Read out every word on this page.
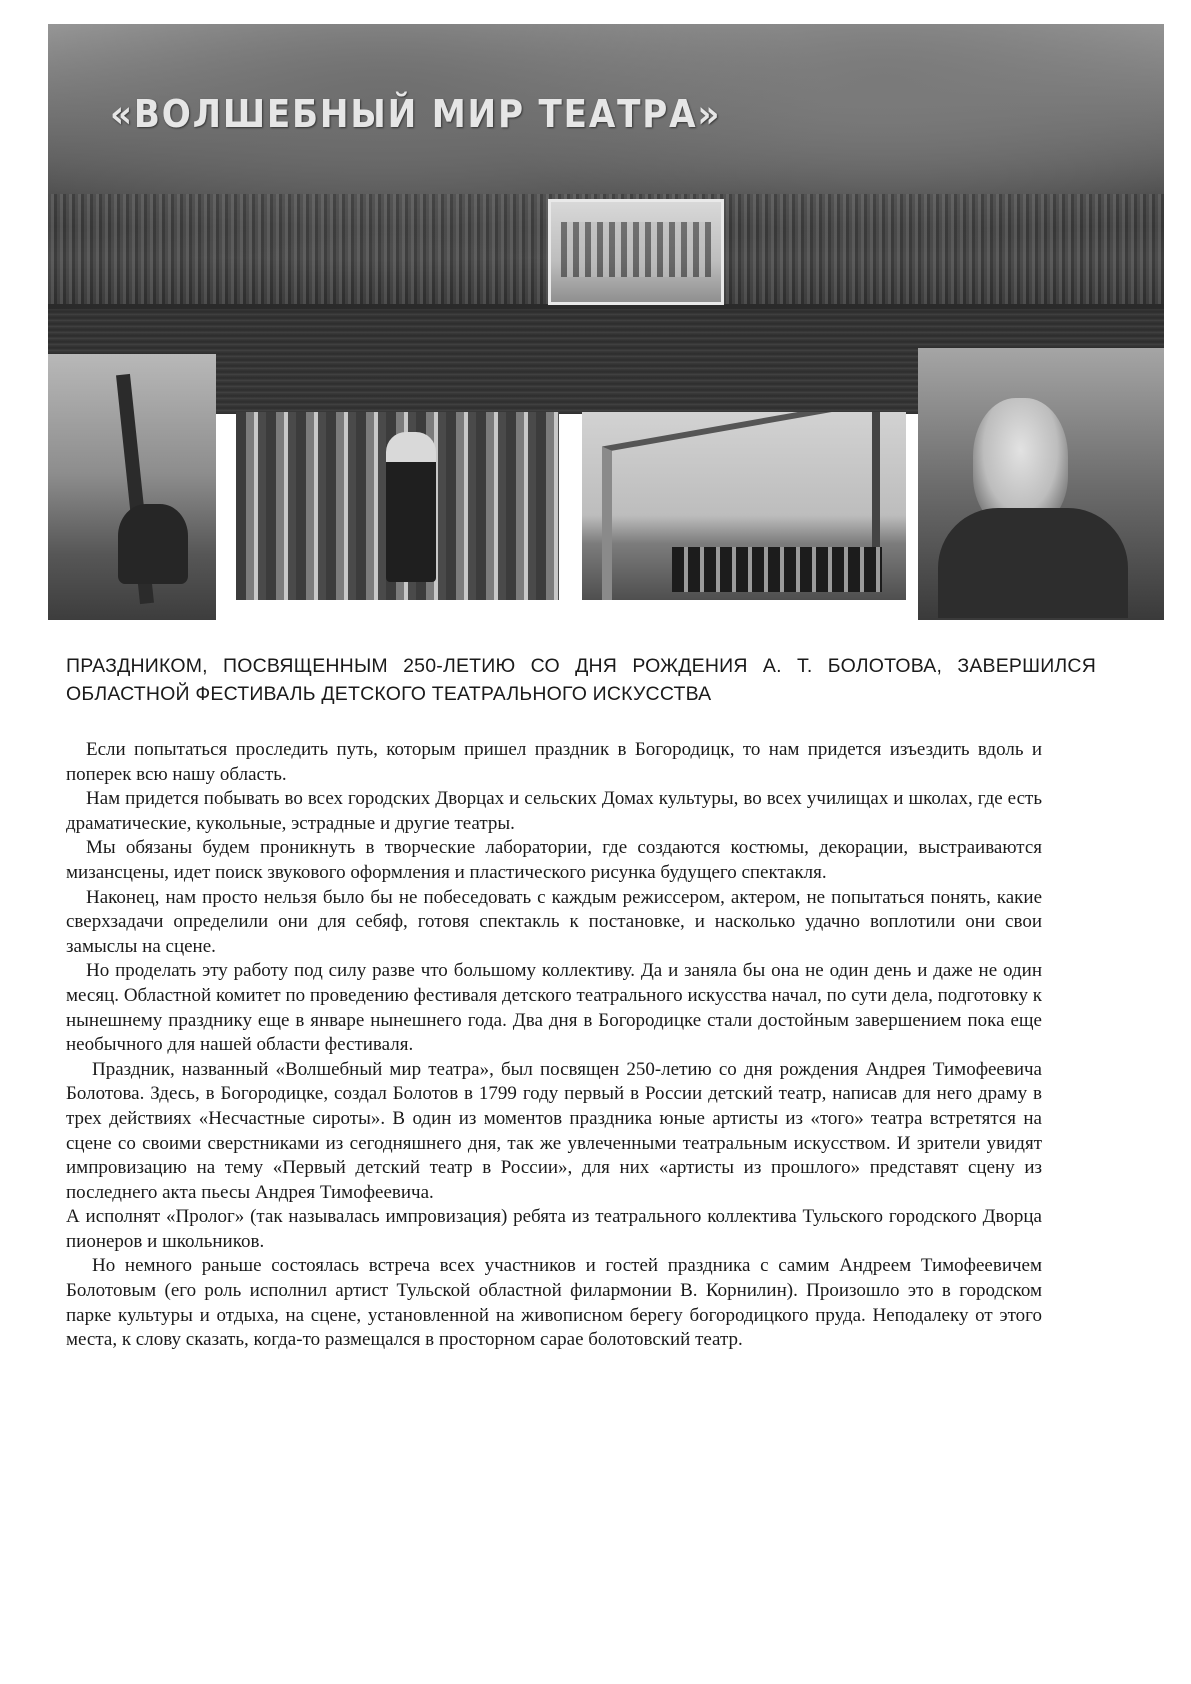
«ВОЛШЕБНЫЙ МИР ТЕАТРА»
ПРАЗДНИКОМ, ПОСВЯЩЕННЫМ 250-ЛЕТИЮ СО ДНЯ РОЖДЕНИЯ А. Т. БОЛОТОВА, ЗАВЕРШИЛСЯ ОБЛАСТНОЙ ФЕСТИВАЛЬ ДЕТСКОГО ТЕАТРАЛЬНОГО ИСКУССТВА

Если попытаться проследить путь, которым пришел праздник в Богородицк, то нам придется изъездить вдоль и поперек всю нашу область.

Нам придется побывать во всех городских Дворцах и сельских Домах культуры, во всех училищах и школах, где есть драматические, кукольные, эстрадные и другие театры.

Мы обязаны будем проникнуть в творческие лаборатории, где создаются костюмы, декорации, выстраиваются мизансцены, идет поиск звукового оформления и пластического рисунка будущего спектакля.

Наконец, нам просто нельзя было бы не побеседовать с каждым режиссером, актером, не попытаться понять, какие сверхзадачи определили они для себяф, готовя спектакль к постановке, и насколько удачно воплотили они свои замыслы на сцене.

Но проделать эту работу под силу разве что большому коллективу. Да и заняла бы она не один день и даже не один месяц. Областной комитет по проведению фестиваля детского театрального искусства начал, по сути дела, подготовку к нынешнему празднику еще в январе нынешнего года. Два дня в Богородицке стали достойным завершением пока еще необычного для нашей области фестиваля.

Праздник, названный «Волшебный мир театра», был посвящен 250-летию со дня рождения Андрея Тимофеевича Болотова. Здесь, в Богородицке, создал Болотов в 1799 году первый в России детский театр, написав для него драму в трех действиях «Несчастные сироты». В один из моментов праздника юные артисты из «того» театра встретятся на сцене со своими сверстниками из сегодняшнего дня, так же увлеченными театральным искусством. И зрители увидят импровизацию на тему «Первый детский театр в России», для них «артисты из прошлого» представят сцену из последнего акта пьесы Андрея Тимофеевича.

А исполнят «Пролог» (так называлась импровизация) ребята из театрального коллектива Тульского городского Дворца пионеров и школьников.

Но немного раньше состоялась встреча всех участников и гостей праздника с самим Андреем Тимофеевичем Болотовым (его роль исполнил артист Тульской областной филармонии В. Корнилин). Произошло это в городском парке культуры и отдыха, на сцене, установленной на живописном берегу богородицкого пруда. Неподалеку от этого места, к слову сказать, когда-то размещался в просторном сарае болотовский театр.
